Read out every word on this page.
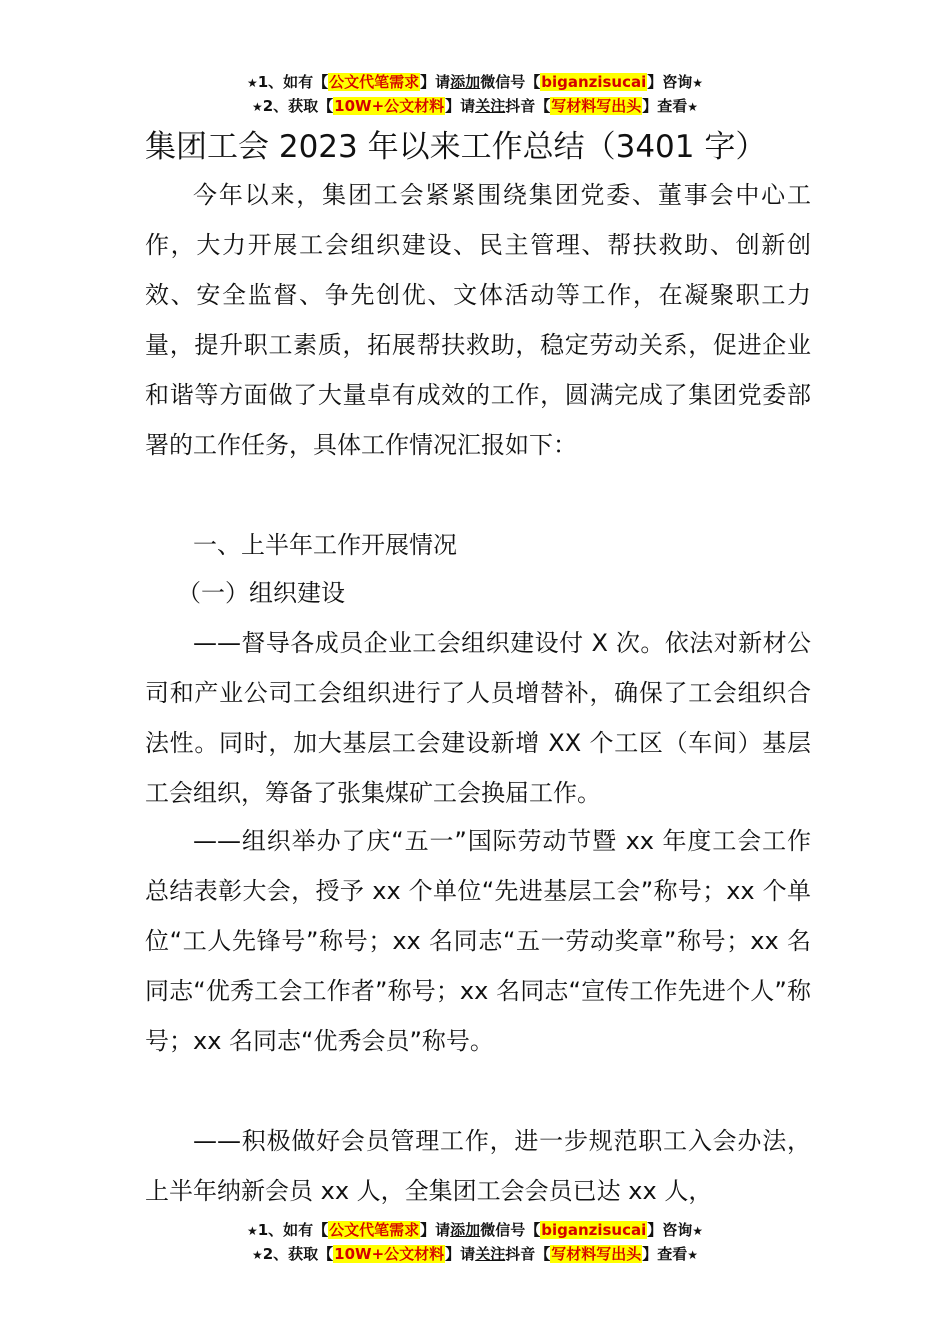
★1、如有【公文代笔需求】请添加微信号【biganzisucai】咨询★
★2、获取【10W+公文材料】请关注抖音【写材料写出头】查看★
集团工会 2023 年以来工作总结（3401 字）

今年以来，集团工会紧紧围绕集团党委、董事会中心工作，大力开展工会组织建设、民主管理、帮扶救助、创新创效、安全监督、争先创优、文体活动等工作，在凝聚职工力量，提升职工素质，拓展帮扶救助，稳定劳动关系，促进企业和谐等方面做了大量卓有成效的工作，圆满完成了集团党委部署的工作任务，具体工作情况汇报如下：

一、上半年工作开展情况

（一）组织建设

——督导各成员企业工会组织建设付 X 次。依法对新材公司和产业公司工会组织进行了人员增替补，确保了工会组织合法性。同时，加大基层工会建设新增 XX 个工区（车间）基层工会组织，筹备了张集煤矿工会换届工作。

——组织举办了庆“五一”国际劳动节暨 xx 年度工会工作总结表彰大会，授予 xx 个单位“先进基层工会”称号；xx 个单位“工人先锋号”称号；xx 名同志“五一劳动奖章”称号；xx 名同志“优秀工会工作者”称号；xx 名同志“宣传工作先进个人”称号；xx 名同志“优秀会员”称号。

——积极做好会员管理工作，进一步规范职工入会办法，上半年纳新会员 xx 人，全集团工会会员已达 xx 人，

★1、如有【公文代笔需求】请添加微信号【biganzisucai】咨询★
★2、获取【10W+公文材料】请关注抖音【写材料写出头】查看★
